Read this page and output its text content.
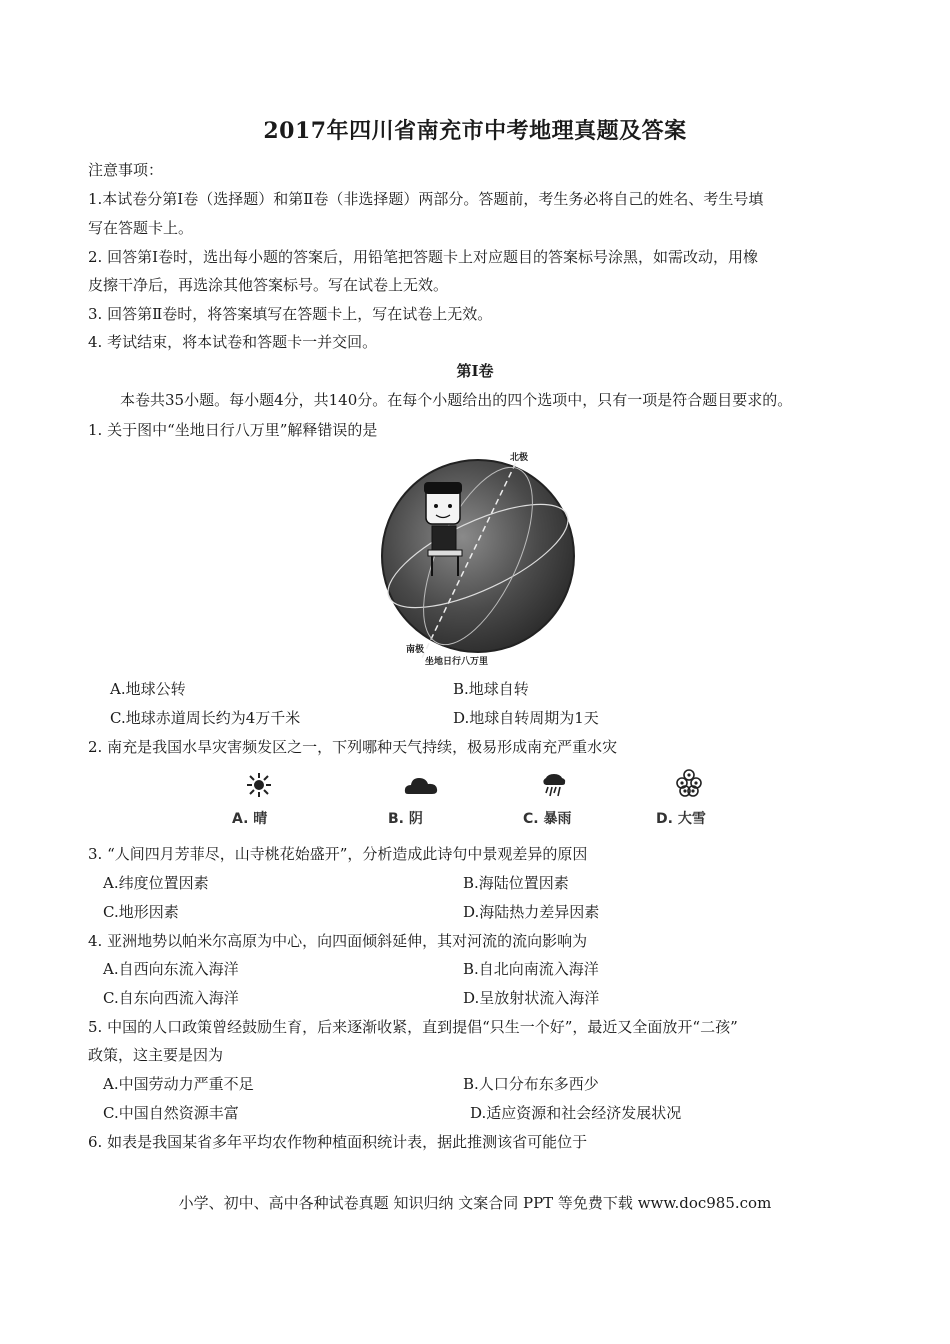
2017年四川省南充市中考地理真题及答案
注意事项：
1.本试卷分第Ⅰ卷（选择题）和第Ⅱ卷（非选择题）两部分。答题前，考生务必将自己的姓名、考生号填
写在答题卡上。
2. 回答第Ⅰ卷时，选出每小题的答案后，用铅笔把答题卡上对应题目的答案标号涂黑，如需改动，用橡
皮擦干净后，再选涂其他答案标号。写在试卷上无效。
3. 回答第Ⅱ卷时，将答案填写在答题卡上，写在试卷上无效。
4. 考试结束，将本试卷和答题卡一并交回。
第Ⅰ卷
本卷共35小题。每小题4分，共140分。在每个小题给出的四个选项中，只有一项是符合题目要求的。
1. 关于图中“坐地日行八万里”解释错误的是
北极
南极
坐地日行八万里
A.地球公转	B.地球自转
C.地球赤道周长约为4万千米	D.地球自转周期为1天
2. 南充是我国水旱灾害频发区之一，下列哪种天气持续，极易形成南充严重水灾
A. 晴	B. 阴	C. 暴雨	D. 大雪
3. “人间四月芳菲尽，山寺桃花始盛开”，分析造成此诗句中景观差异的原因
A.纬度位置因素	B.海陆位置因素
C.地形因素	D.海陆热力差异因素
4. 亚洲地势以帕米尔高原为中心，向四面倾斜延伸，其对河流的流向影响为
A.自西向东流入海洋	B.自北向南流入海洋
C.自东向西流入海洋	D.呈放射状流入海洋
5. 中国的人口政策曾经鼓励生育，后来逐渐收紧，直到提倡“只生一个好”，最近又全面放开“二孩”
政策，这主要是因为
A.中国劳动力严重不足	B.人口分布东多西少
C.中国自然资源丰富	D.适应资源和社会经济发展状况
6. 如表是我国某省多年平均农作物种植面积统计表，据此推测该省可能位于
小学、初中、高中各种试卷真题 知识归纳 文案合同 PPT 等免费下载 www.doc985.com
